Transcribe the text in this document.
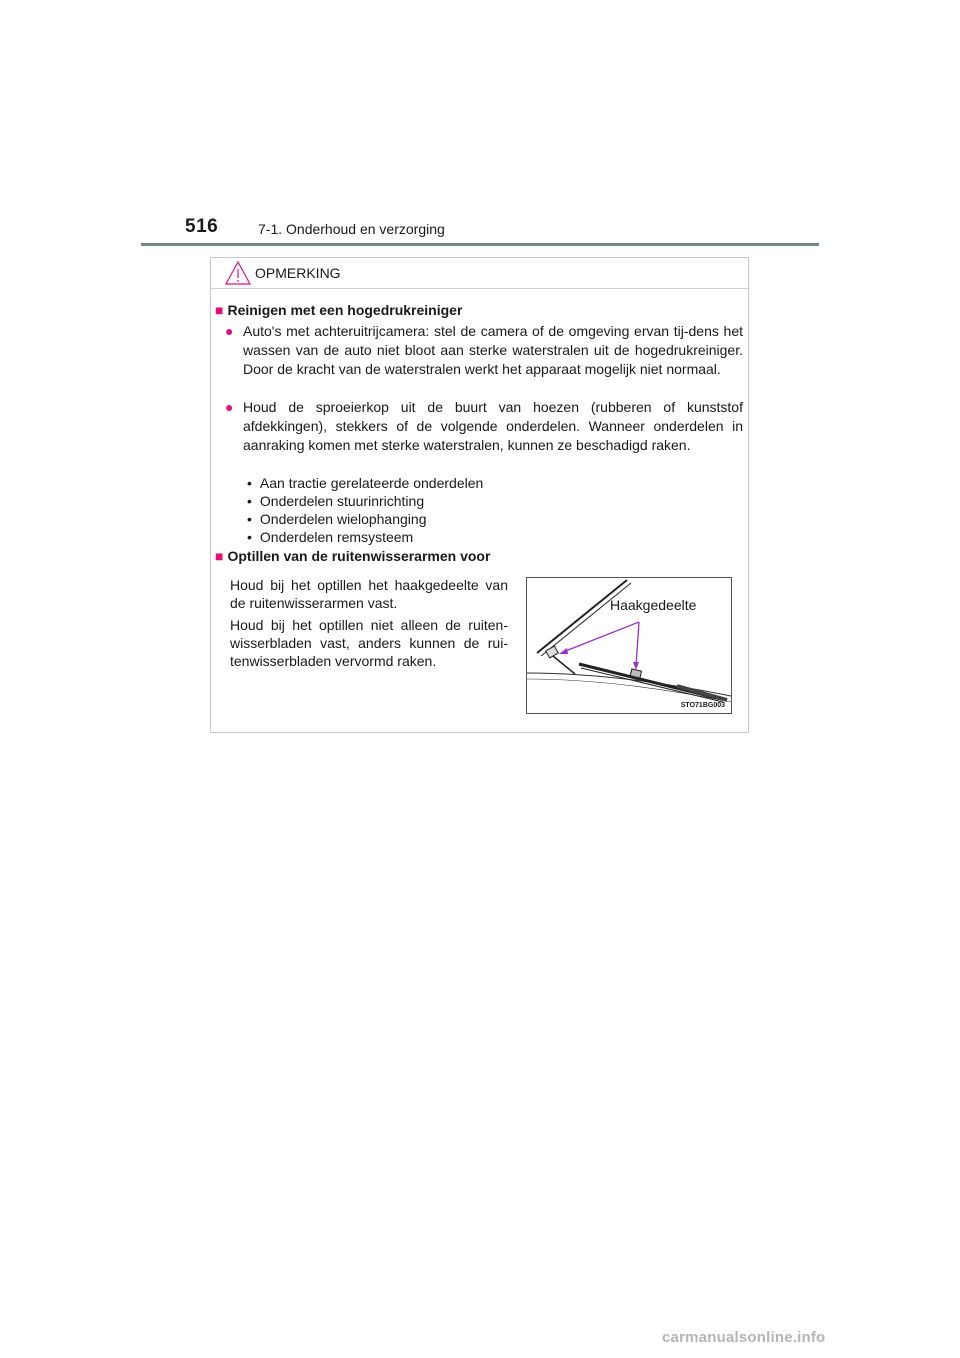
516	7-1. Onderhoud en verzorging
OPMERKING
■ Reinigen met een hogedrukreiniger
● Auto's met achteruitrijcamera: stel de camera of de omgeving ervan tij-dens het wassen van de auto niet bloot aan sterke waterstralen uit de hogedrukreiniger. Door de kracht van de waterstralen werkt het apparaat mogelijk niet normaal.
● Houd de sproeierkop uit de buurt van hoezen (rubberen of kunststof afdekkingen), stekkers of de volgende onderdelen. Wanneer onderdelen in aanraking komen met sterke waterstralen, kunnen ze beschadigd raken.
• Aan tractie gerelateerde onderdelen
• Onderdelen stuurinrichting
• Onderdelen wielophanging
• Onderdelen remsysteem
■ Optillen van de ruitenwisserarmen voor
Houd bij het optillen het haakgedeelte van de ruitenwisserarmen vast.
Houd bij het optillen niet alleen de ruiten-wisserbladen vast, anders kunnen de rui-tenwisserbladen vervormd raken.
Haakgedeelte
STO71BG003
carmanualsonline.info
